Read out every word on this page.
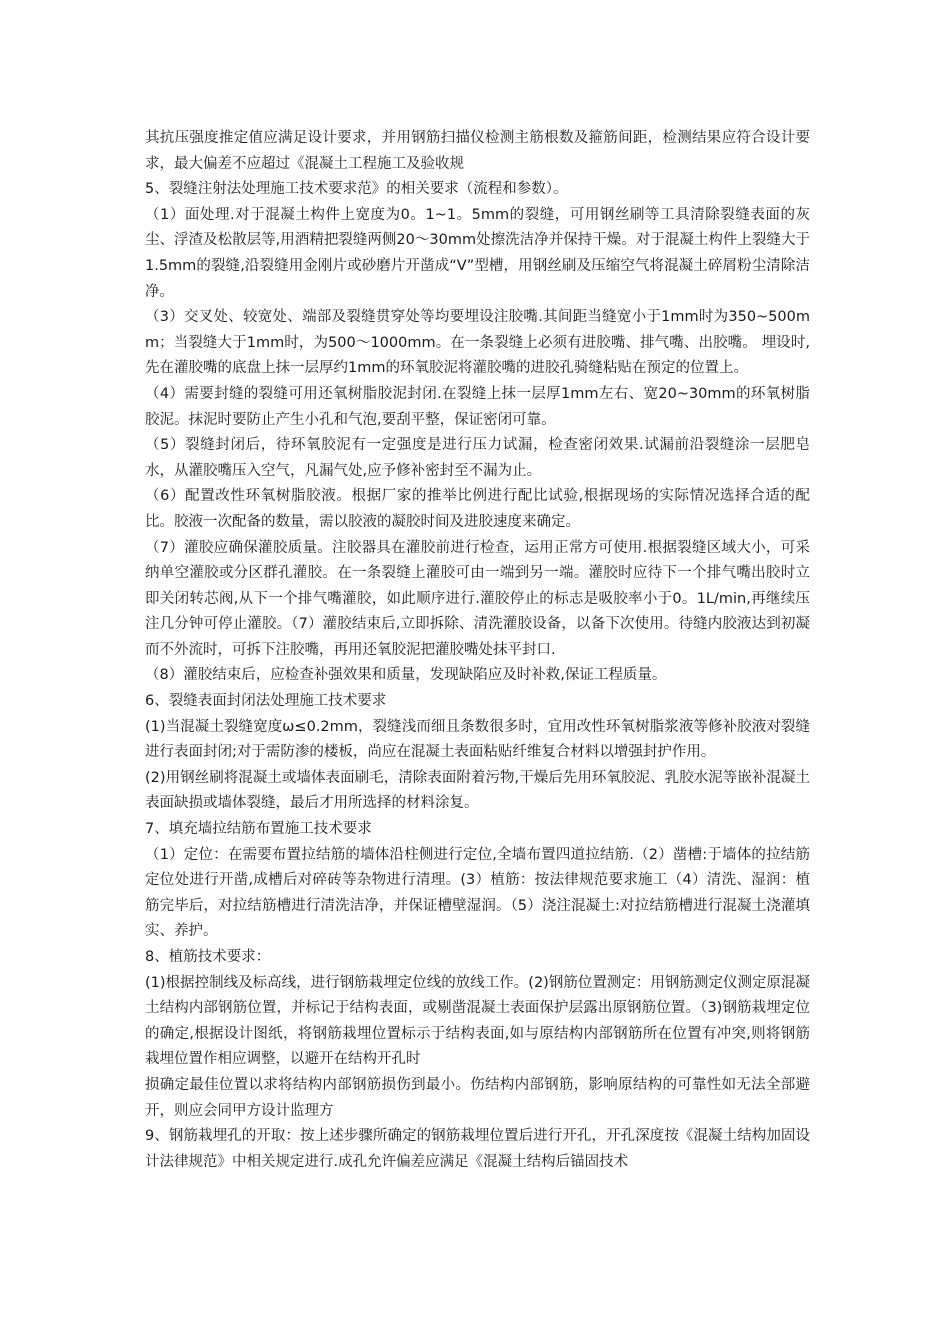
其抗压强度推定值应满足设计要求，并用钢筋扫描仪检测主筋根数及箍筋间距，检测结果应符合设计要求，最大偏差不应超过《混凝土工程施工及验收规

5、裂缝注射法处理施工技术要求范》的相关要求（流程和参数）。

（1）面处理.对于混凝土构件上宽度为0。1~1。5mm的裂缝，可用钢丝刷等工具清除裂缝表面的灰尘、浮渣及松散层等,用酒精把裂缝两侧20～30mm处擦洗洁净并保持干燥。对于混凝土构件上裂缝大于1.5mm的裂缝,沿裂缝用金刚片或砂磨片开凿成“V”型槽，用钢丝刷及压缩空气将混凝土碎屑粉尘清除洁净。

（3）交叉处、较宽处、端部及裂缝贯穿处等均要埋设注胶嘴.其间距当缝宽小于1mm时为350~500mm；当裂缝大于1mm时，为500～1000mm。在一条裂缝上必须有进胶嘴、排气嘴、出胶嘴。 埋设时,先在灌胶嘴的底盘上抹一层厚约1mm的环氧胶泥将灌胶嘴的进胶孔骑缝粘贴在预定的位置上。

（4）需要封缝的裂缝可用还氧树脂胶泥封闭.在裂缝上抹一层厚1mm左右、宽20~30mm的环氧树脂胶泥。抹泥时要防止产生小孔和气泡,要刮平整，保证密闭可靠。

（5）裂缝封闭后，待环氧胶泥有一定强度是进行压力试漏，检查密闭效果.试漏前沿裂缝涂一层肥皂水，从灌胶嘴压入空气，凡漏气处,应予修补密封至不漏为止。

（6）配置改性环氧树脂胶液。根据厂家的推举比例进行配比试验,根据现场的实际情况选择合适的配比。胶液一次配备的数量，需以胶液的凝胶时间及进胶速度来确定。

（7）灌胶应确保灌胶质量。注胶器具在灌胶前进行检查，运用正常方可使用.根据裂缝区域大小，可采纳单空灌胶或分区群孔灌胶。在一条裂缝上灌胶可由一端到另一端。灌胶时应待下一个排气嘴出胶时立即关闭转芯阀,从下一个排气嘴灌胶，如此顺序进行.灌胶停止的标志是吸胶率小于0。1L/min,再继续压注几分钟可停止灌胶。（7）灌胶结束后,立即拆除、清洗灌胶设备，以备下次使用。待缝内胶液达到初凝而不外流时，可拆下注胶嘴，再用还氧胶泥把灌胶嘴处抹平封口.

（8）灌胶结束后，应检查补强效果和质量，发现缺陷应及时补救,保证工程质量。

6、裂缝表面封闭法处理施工技术要求

(1)当混凝土裂缝宽度ω≤0.2mm，裂缝浅而细且条数很多时，宜用改性环氧树脂浆液等修补胶液对裂缝进行表面封闭;对于需防渗的楼板，尚应在混凝土表面粘贴纤维复合材料以增强封护作用。

(2)用钢丝刷将混凝土或墙体表面刷毛，清除表面附着污物,干燥后先用环氧胶泥、乳胶水泥等嵌补混凝土表面缺损或墙体裂缝，最后才用所选择的材料涂复。

7、填充墙拉结筋布置施工技术要求

（1）定位：在需要布置拉结筋的墙体沿柱侧进行定位,全墙布置四道拉结筋.（2）凿槽:于墙体的拉结筋定位处进行开凿,成槽后对碎砖等杂物进行清理。(3）植筋：按法律规范要求施工（4）清洗、湿润：植筋完毕后，对拉结筋槽进行清洗洁净，并保证槽壁湿润。（5）浇注混凝土:对拉结筋槽进行混凝土浇灌填实、养护。

8、植筋技术要求：

(1)根据控制线及标高线，进行钢筋栽埋定位线的放线工作。(2)钢筋位置测定：用钢筋测定仪测定原混凝土结构内部钢筋位置，并标记于结构表面，或剔凿混凝土表面保护层露出原钢筋位置。（3)钢筋栽埋定位的确定,根据设计图纸，将钢筋栽埋位置标示于结构表面,如与原结构内部钢筋所在位置有冲突,则将钢筋栽埋位置作相应调整，以避开在结构开孔时

损确定最佳位置以求将结构内部钢筋损伤到最小。伤结构内部钢筋，影响原结构的可靠性如无法全部避开，则应会同甲方设计监理方

9、钢筋栽埋孔的开取：按上述步骤所确定的钢筋栽埋位置后进行开孔，开孔深度按《混凝土结构加固设计法律规范》中相关规定进行.成孔允许偏差应满足《混凝土结构后锚固技术
